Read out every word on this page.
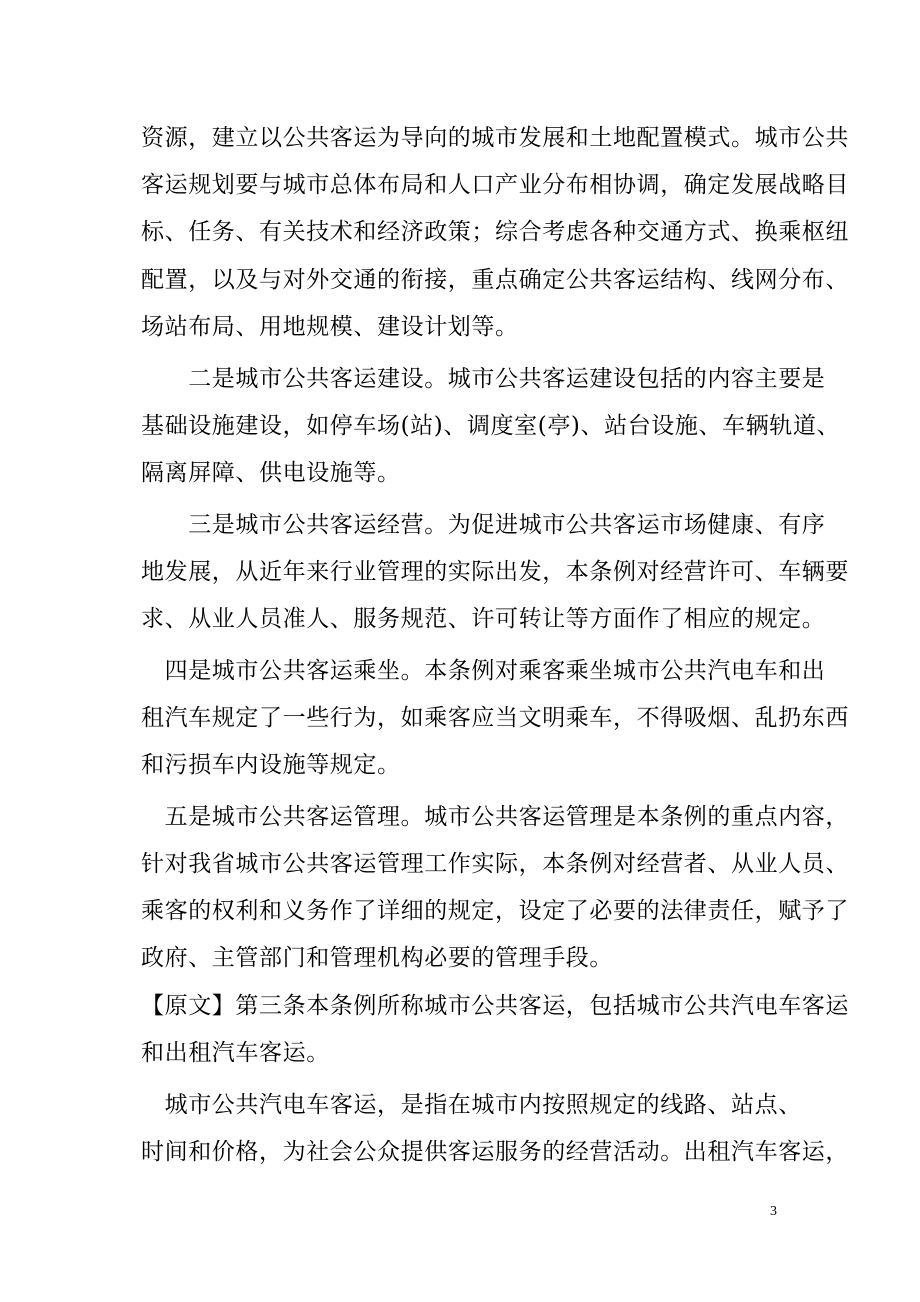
资源，建立以公共客运为导向的城市发展和土地配置模式。城市公共
客运规划要与城市总体布局和人口产业分布相协调，确定发展战略目
标、任务、有关技术和经济政策；综合考虑各种交通方式、换乘枢纽
配置，以及与对外交通的衔接，重点确定公共客运结构、线网分布、
场站布局、用地规模、建设计划等。
　　二是城市公共客运建设。城市公共客运建设包括的内容主要是
基础设施建设，如停车场(站)、调度室(亭)、站台设施、车辆轨道、
隔离屏障、供电设施等。
　　三是城市公共客运经营。为促进城市公共客运市场健康、有序
地发展，从近年来行业管理的实际出发，本条例对经营许可、车辆要
求、从业人员准人、服务规范、许可转让等方面作了相应的规定。
　四是城市公共客运乘坐。本条例对乘客乘坐城市公共汽电车和出
租汽车规定了一些行为，如乘客应当文明乘车，不得吸烟、乱扔东西
和污损车内设施等规定。
　五是城市公共客运管理。城市公共客运管理是本条例的重点内容，
针对我省城市公共客运管理工作实际，本条例对经营者、从业人员、
乘客的权利和义务作了详细的规定，设定了必要的法律责任，赋予了
政府、主管部门和管理机构必要的管理手段。
【原文】第三条本条例所称城市公共客运，包括城市公共汽电车客运
和出租汽车客运。
　城市公共汽电车客运，是指在城市内按照规定的线路、站点、
时间和价格，为社会公众提供客运服务的经营活动。出租汽车客运，
3
